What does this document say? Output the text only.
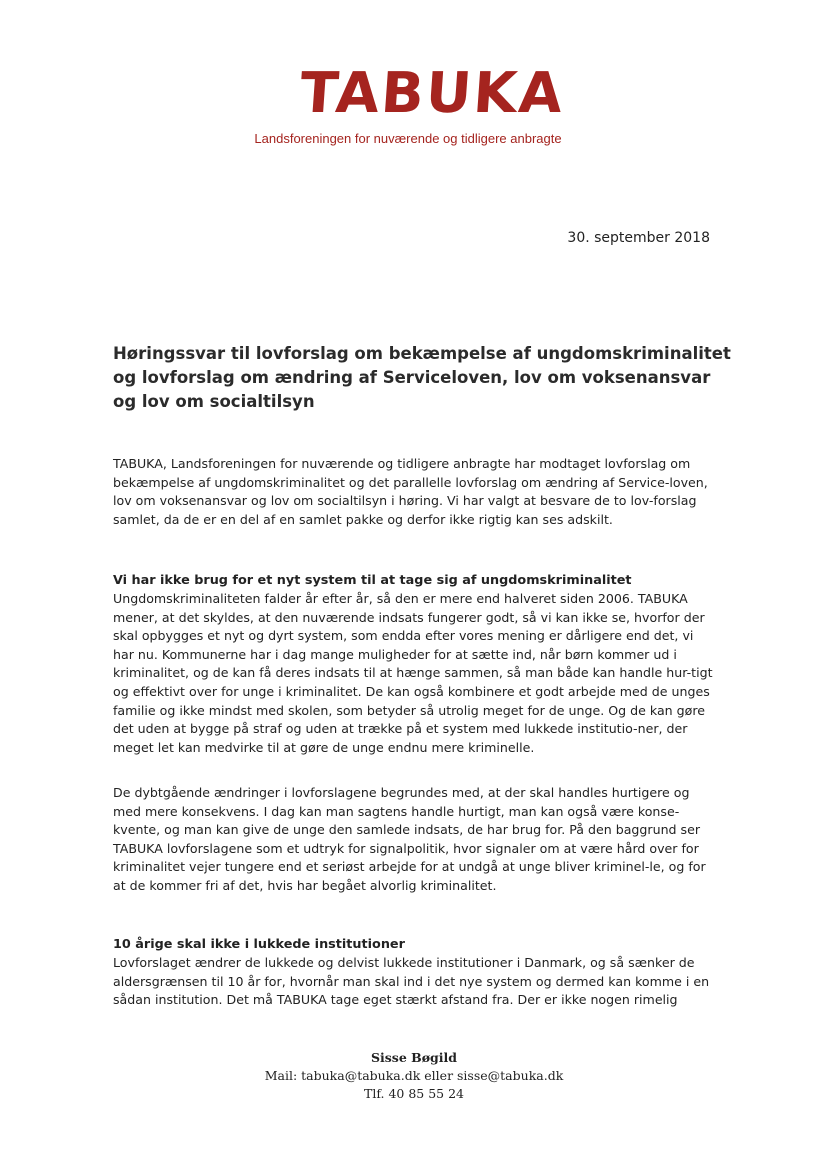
TABUKA
Landsforeningen for nuværende og tidligere anbragte
30. september 2018
Høringssvar til lovforslag om bekæmpelse af ungdomskriminalitet og lovforslag om ændring af Serviceloven, lov om voksenansvar og lov om socialtilsyn

TABUKA, Landsforeningen for nuværende og tidligere anbragte har modtaget lovforslag om bekæmpelse af ungdomskriminalitet og det parallelle lovforslag om ændring af Service-loven, lov om voksenansvar og lov om socialtilsyn i høring. Vi har valgt at besvare de to lov-forslag samlet, da de er en del af en samlet pakke og derfor ikke rigtig kan ses adskilt.

Vi har ikke brug for et nyt system til at tage sig af ungdomskriminalitet

Ungdomskriminaliteten falder år efter år, så den er mere end halveret siden 2006. TABUKA mener, at det skyldes, at den nuværende indsats fungerer godt, så vi kan ikke se, hvorfor der skal opbygges et nyt og dyrt system, som endda efter vores mening er dårligere end det, vi har nu. Kommunerne har i dag mange muligheder for at sætte ind, når børn kommer ud i kriminalitet, og de kan få deres indsats til at hænge sammen, så man både kan handle hur-tigt og effektivt over for unge i kriminalitet. De kan også kombinere et godt arbejde med de unges familie og ikke mindst med skolen, som betyder så utrolig meget for de unge. Og de kan gøre det uden at bygge på straf og uden at trække på et system med lukkede institutio-ner, der meget let kan medvirke til at gøre de unge endnu mere kriminelle.

De dybtgående ændringer i lovforslagene begrundes med, at der skal handles hurtigere og med mere konsekvens. I dag kan man sagtens handle hurtigt, man kan også være konse-kvente, og man kan give de unge den samlede indsats, de har brug for. På den baggrund ser TABUKA lovforslagene som et udtryk for signalpolitik, hvor signaler om at være hård over for kriminalitet vejer tungere end et seriøst arbejde for at undgå at unge bliver kriminel-le, og for at de kommer fri af det, hvis har begået alvorlig kriminalitet.

10 årige skal ikke i lukkede institutioner

Lovforslaget ændrer de lukkede og delvist lukkede institutioner i Danmark, og så sænker de aldersgrænsen til 10 år for, hvornår man skal ind i det nye system og dermed kan komme i en sådan institution. Det må TABUKA tage eget stærkt afstand fra. Der er ikke nogen rimelig

Sisse Bøgild
Mail: tabuka@tabuka.dk eller sisse@tabuka.dk
Tlf. 40 85 55 24
